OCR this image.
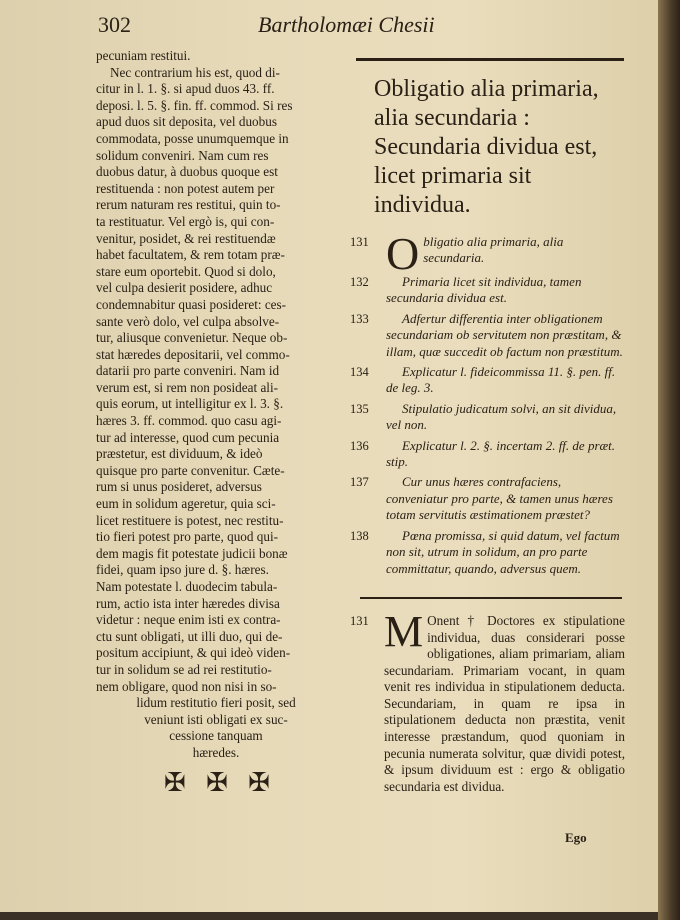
302	Bartholomæi Chesii

pecuniam restitui.

Nec contrarium his est, quod di-

citur in l. 1. §. si apud duos 43. ff.

deposi. l. 5. §. fin. ff. commod. Si res

apud duos sit deposita, vel duobus

commodata, posse unumquemque in

solidum conveniri. Nam cum res

duobus datur, à duobus quoque est

restituenda : non potest autem per

rerum naturam res restitui, quin to-

ta restituatur. Vel ergò is, qui con-

venitur, posidet, & rei restituendæ

habet facultatem, & rem totam præ-

stare eum oportebit. Quod si dolo,

vel culpa desierit posidere, adhuc

condemnabitur quasi posideret: ces-

sante verò dolo, vel culpa absolve-

tur, aliusque convenietur. Neque ob-

stat hæredes depositarii, vel commo-

datarii pro parte conveniri. Nam id

verum est, si rem non posideat ali-

quis eorum, ut intelligitur ex l. 3. §.

hæres 3. ff. commod. quo casu agi-

tur ad interesse, quod cum pecunia

præstetur, est dividuum, & ideò

quisque pro parte convenitur. Cæte-

rum si unus posideret, adversus

eum in solidum ageretur, quia sci-

licet restituere is potest, nec restitu-

tio fieri potest pro parte, quod qui-

dem magis fit potestate judicii bonæ

fidei, quam ipso jure d. §. hæres.

Nam potestate l. duodecim tabula-

rum, actio ista inter hæredes divisa

videtur : neque enim isti ex contra-

ctu sunt obligati, ut illi duo, qui de-

positum accipiunt, & qui ideò viden-

tur in solidum se ad rei restitutio-

nem obligare, quod non nisi in so-

lidum restitutio fieri posit, sed
veniunt isti obligati ex suc-
cessione tanquam
hæredes.
✠ ✠ ✠
Obligatio alia primaria, alia secundaria : Secundaria dividua est, licet primaria sit individua.
131 Obligatio alia primaria, alia secundaria.
132	Primaria licet sit individua, tamen secundaria dividua est.
133	Adfertur differentia inter obligationem secundariam ob servitutem non præstitam, & illam, quæ succedit ob factum non præstitum.
134	Explicatur l. fideicommissa 11. §. pen. ff. de leg. 3.
135	Stipulatio judicatum solvi, an sit dividua, vel non.
136	Explicatur l. 2. §. incertam 2. ff. de præt. stip.
137	Cur unus hæres contrafaciens, conveniatur pro parte, & tamen unus hæres totam servitutis æstimationem præstet?
138	Pœna promissa, si quid datum, vel factum non sit, utrum in solidum, an pro parte committatur, quando, adversus quem.
131 M Onent † Doctores ex stipulatione individua, duas considerari posse obligationes, aliam primariam, aliam secundariam. Primariam vocant, in quam venit res individua in stipulationem deducta. Secundariam, in quam re ipsa in stipulationem deducta non præstita, venit interesse præstandum, quod quoniam in pecunia numerata solvitur, quæ dividi potest, & ipsum dividuum est : ergo & obligatio secundaria est dividua.
Ego
